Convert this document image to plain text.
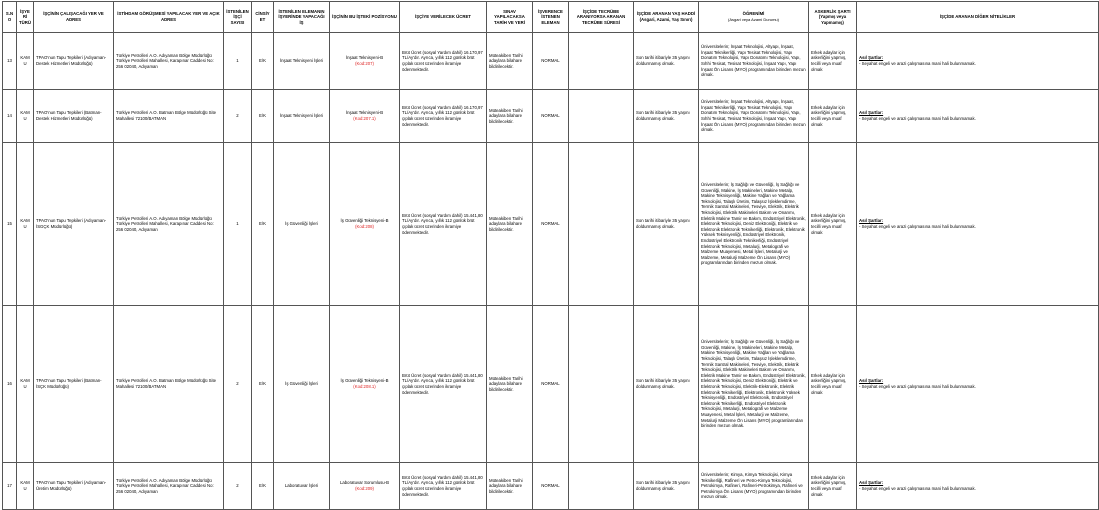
S.NO	İŞYERİ TÜRÜ	İŞÇİNİN ÇALIŞACAĞI YER VE ADRES	İSTİHDAM GÖRÜŞMESİ YAPILACAK YER VE AÇIK ADRES	İSTENİLEN İŞÇİ SAYISI	CİNSİYET	İSTENİLEN ELEMANIN İŞYERİNDE YAPACAĞI İŞ	İŞÇİNİN BU İŞTEKİ POZİSYONU	İŞÇİYE VERİLECEK ÜCRET	SINAV YAPILACAKSA TARİH VE YERİ	İŞVERENCE İSTENEN ELEMAN	İŞÇİDE TECRÜBE ARANIYORSA ARANAN TECRÜBE SÜRESİ	İŞÇİDE ARANAN YAŞ HADDİ
(Asgari, Azami, Yaş Sınırı)	ÖĞRENİMİ
(Asgari veya Azami Durumu)	ASKERLİK ŞARTI
(Yapmış veya Yapmamış)	İŞÇİDE ARANAN DİĞER NİTELİKLER
13	KAMU	TPAO'nun Tapu Tepkileri (Adıyaman-Destek Hizmetleri Müdürlüğü)	Türkiye Petrolleri A.O. Adıyaman Bölge Müdürlüğü Türkiye Petrolleri Mahallesi, Karapınar Caddesi No: 256 02040, Adıyaman	1	E/K	İnşaat Teknisyeni İşleri	İnşaat Teknisyeni-B
(Kod:207)	Brüt Ücret (sosyal Yardım dahil) 16.170,97 TL/Ay'dır. Ayrıca, yıllık 112 günlük brüt çıplak ücret üzerinden ikramiye ödenmektedir.	Müteakiben Tarihi adaylara bilahare bildirilecektir.	NORMAL		Son tarihi itibariyle 35 yaşını doldurmamış olmak.	Üniversitelerin; İnşaat Teknolojisi, Altyapı, İnşaat, İnşaat Teknikerliği, Yapı Tesisat Teknolojisi, Yapı Donatım Teknolojisi, Yapı Donatımı Teknolojisi, Yapı, Sıhhi Tesisat, Tesisat Teknolojisi, İnşaat Yapı, Yapı İnşaat Ön Lisans (MYO) programından birinden mezun olmak.	Erkek adaylar için askerliğini yapmış, tecilli veya muaf olmak	Asıl Şartlar:
- Seyahat engeli ve arazi çalışmasına mani hali bulunmamak.

14	KAMU	TPAO'nun Tapu Tepkileri (Batman-Destek Hizmetleri Müdürlüğü)	Türkiye Petrolleri A.O. Batman Bölge Müdürlüğü Site Mahallesi 72100/BATMAN	2	E/K	İnşaat Teknisyeni İşleri	İnşaat Teknisyeni-B
(Kod:207.1)	Brüt Ücret (sosyal Yardım dahil) 16.170,97 TL/Ay'dır. Ayrıca, yıllık 112 günlük brüt çıplak ücret üzerinden ikramiye ödenmektedir.	Müteakiben Tarihi adaylara bilahare bildirilecektir.	NORMAL		Son tarihi itibariyle 35 yaşını doldurmamış olmak.	Üniversitelerin; İnşaat Teknolojisi, Altyapı, İnşaat, İnşaat Teknikerliği, Yapı Tesisat Teknolojisi, Yapı Donatım Teknolojisi, Yapı Donatımı Teknolojisi, Yapı, Sıhhi Tesisat, Tesisat Teknolojisi, İnşaat Yapı, Yapı İnşaat Ön Lisans (MYO) programından birinden mezun olmak.	Erkek adaylar için askerliğini yapmış, tecilli veya muaf olmak	Asıl Şartlar:
- Seyahat engeli ve arazi çalışmasına mani hali bulunmamak.

15	KAMU	TPAO'nun Tapu Tepkileri (Adıyaman-İSGÇK Müdürlüğü)	Türkiye Petrolleri A.O. Adıyaman Bölge Müdürlüğü Türkiye Petrolleri Mahallesi, Karapınar Caddesi No: 256 02040, Adıyaman	1	E/K	İş Güvenliği İşleri	İş Güvenliği Teknisyeni-B
(Kod:208)	Brüt Ücret (sosyal Yardım dahil) 15.441,80 TL/Ay'dır. Ayrıca, yıllık 112 günlük brüt çıplak ücret üzerinden ikramiye ödenmektedir.	Müteakiben Tarihi adaylara bilahare bildirilecektir.	NORMAL		Son tarihi itibariyle 35 yaşını doldurmamış olmak.	Üniversitelerin; İş Sağlığı ve Güvenliği, İş Sağlığı ve Güvenliği, Makine, İş Makineleri, Makine Metalp, Makine Teknisyenliği, Makine Yağları ve Yağlama Teknolojisi, Talaşlı Üretim, Talaşsız İşleklemdirme, Termik Santral Makineleri, Tesviye, Elektrik, Elektrik Teknolojisi, Elektrik Makineleri Bakım ve Onarımı, Elektrik Makine Tamir ve Bakım, Endüstriyel Elektronik, Elektronik Teknolojisi, Deniz Elektroniği, Elektrik ve Elektronik Elektronik Teknikerliği, Elektronik, Elektronik Yüksek Teknisyenliği, Endüstriyel Elektronik, Endüstriyel Elektronik Teknikerliği, Endüstriyel Elektronik Teknolojisi, Metalurji, Metalografi ve Malzeme Muayenesi, Metal İşleri, Metalurji ve Malzeme, Metalurji Malzeme Ön Lisans (MYO) programlarından birinden mezun olmak.	Erkek adaylar için askerliğini yapmış, tecilli veya muaf olmak	Asıl Şartlar:
- Seyahat engeli ve arazi çalışmasına mani hali bulunmamak.

16	KAMU	TPAO'nun Tapu Tepkileri (Batman-İSÇK Müdürlüğü)	Türkiye Petrolleri A.O. Batman Bölge Müdürlüğü Site Mahallesi 72100/BATMAN	2	E/K	İş Güvenliği İşleri	İş Güvenliği Teknisyeni-B
(Kod:208.1)	Brüt Ücret (sosyal Yardım dahil) 15.441,80 TL/Ay'dır. Ayrıca, yıllık 112 günlük brüt çıplak ücret üzerinden ikramiye ödenmektedir.	Müteakiben Tarihi adaylara bilahare bildirilecektir.	NORMAL		Son tarihi itibariyle 35 yaşını doldurmamış olmak.	Üniversitelerin; İş Sağlığı ve Güvenliği, İş Sağlığı ve Güvenliği, Makine, İş Makineleri, Makine Metalp, Makine Teknisyenliği, Makine Yağları ve Yağlama Teknolojisi, Talaşlı Üretim, Talaşsız İşleklemdirme, Termik Santral Makineleri, Tesviye, Elektrik, Elektrik Teknolojisi, Elektrik Makineleri Bakım ve Onarımı, Elektrik Makine Tamir ve Bakım, Endüstriyel Elektronik, Elektronik Teknolojisi, Deniz Elektroniği, Elektrik ve Elektronik Teknolojisi, Elektrik-Elektronik, Elektrik Elektronik Teknikerliği, Elektronik, Elektronik Yüksek Teknisyenliği, Endüstriyel Elektronik, Endüstriyel Elektronik Teknikerliği, Endüstriyel Elektronik Teknolojisi, Metalurji, Metalografi ve Malzeme Muayenesi, Metal İşleri, Metalurji ve Malzeme, Metalurji Malzeme Ön Lisans (MYO) programlarından birinden mezun olmak.	Erkek adaylar için askerliğini yapmış, tecilli veya muaf olmak	Asıl Şartlar:
- Seyahat engeli ve arazi çalışmasına mani hali bulunmamak.

17	KAMU	TPAO'nun Tapu Tepkileri (Adıyaman-Üretim Müdürlüğü)	Türkiye Petrolleri A.O. Adıyaman Bölge Müdürlüğü Türkiye Petrolleri Mahallesi, Karapınar Caddesi No: 256 02040, Adıyaman	2	E/K	Laboratuvar İşleri	Laboratuvar Sorumlusu-B
(Kod:209)	Brüt Ücret (sosyal Yardım dahil) 15.441,80 TL/Ay'dır. Ayrıca, yıllık 112 günlük brüt çıplak ücret üzerinden ikramiye ödenmektedir.	Müteakiben Tarihi adaylara bilahare bildirilecektir.	NORMAL		Son tarihi itibariyle 35 yaşını doldurmamış olmak.	Üniversitelerin; Kimya, Kimya Teknolojisi, Kimya Teknikerliği, Rafineri ve Petro-Kimya Teknolojisi, Petrokimya, Rafineri, Rafineri-Petrokimya, Rafineri ve Petrokimya Ön Lisans (MYO) programından birinden mezun olmak.	Erkek adaylar için askerliğini yapmış, tecilli veya muaf olmak	Asıl Şartlar:
- Seyahat engeli ve arazi çalışmasına mani hali bulunmamak.
